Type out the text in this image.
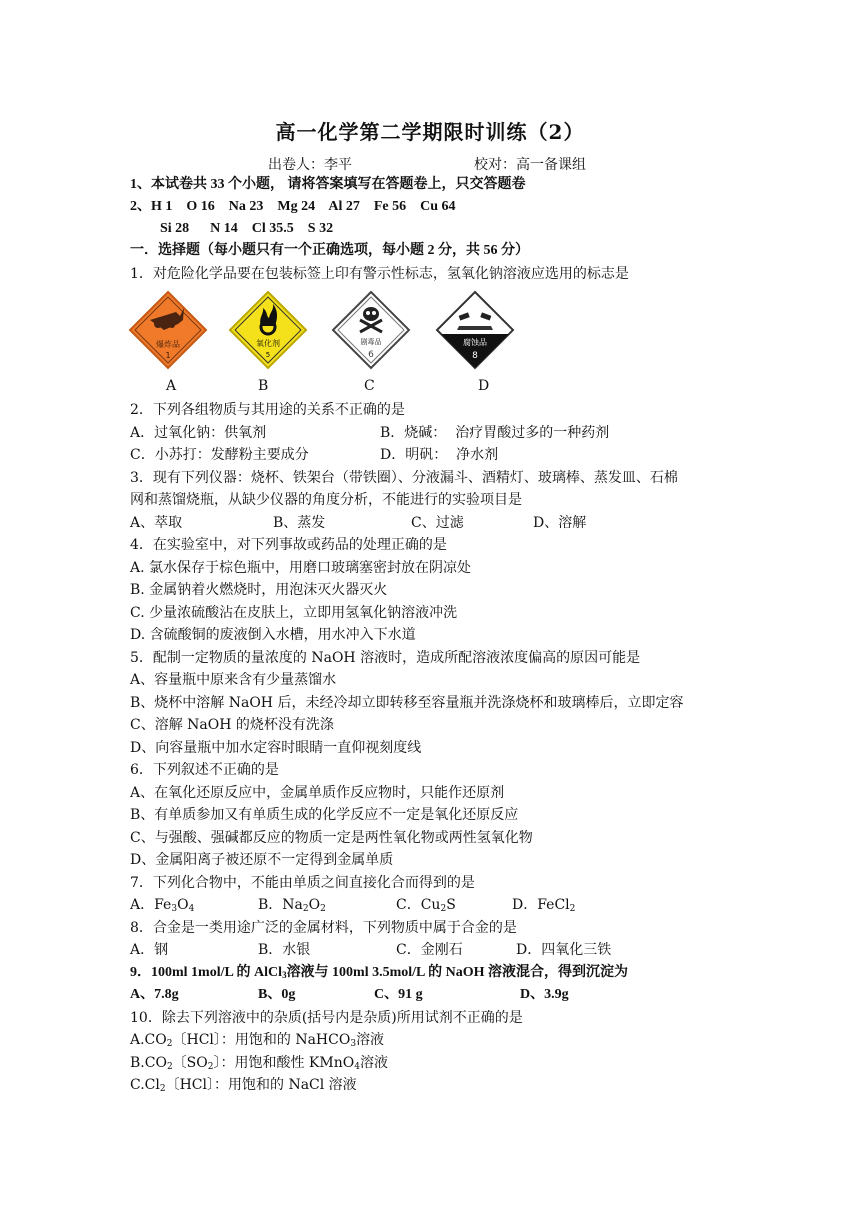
高一化学第二学期限时训练（2）
出卷人：李平	校对：高一备课组
1、本试卷共 33 个小题， 请将答案填写在答题卷上，只交答题卷
2、H 1    O 16    Na 23    Mg 24    Al 27    Fe 56    Cu 64
Si 28      N 14    Cl 35.5    S 32
一．选择题（每小题只有一个正确选项，每小题 2 分，共 56 分）
1．对危险化学品要在包装标签上印有警示性标志，氢氧化钠溶液应选用的标志是
爆炸品
1
氧化剂
5
剧毒品
6
腐蚀品
8
A	B	C	D
2．下列各组物质与其用途的关系不正确的是
A．过氧化钠：供氧剂	B．烧碱：  治疗胃酸过多的一种药剂
C．小苏打：发酵粉主要成分	D．明矾：  净水剂
3．现有下列仪器：烧杯、铁架台（带铁圈）、分液漏斗、酒精灯、玻璃棒、蒸发皿、石棉
网和蒸馏烧瓶，从缺少仪器的角度分析，不能进行的实验项目是
A、萃取	B、蒸发	C、过滤	D、溶解
4．在实验室中，对下列事故或药品的处理正确的是
A. 氯水保存于棕色瓶中，用磨口玻璃塞密封放在阴凉处
B. 金属钠着火燃烧时，用泡沫灭火器灭火
C. 少量浓硫酸沾在皮肤上，立即用氢氧化钠溶液冲洗
D. 含硫酸铜的废液倒入水槽，用水冲入下水道
5．配制一定物质的量浓度的 NaOH 溶液时，造成所配溶液浓度偏高的原因可能是
A、容量瓶中原来含有少量蒸馏水
B、烧杯中溶解 NaOH 后，未经冷却立即转移至容量瓶并洗涤烧杯和玻璃棒后，立即定容
C、溶解 NaOH 的烧杯没有洗涤
D、向容量瓶中加水定容时眼睛一直仰视刻度线
6．下列叙述不正确的是
A、在氧化还原反应中，金属单质作反应物时，只能作还原剂
B、有单质参加又有单质生成的化学反应不一定是氧化还原反应
C、与强酸、强碱都反应的物质一定是两性氧化物或两性氢氧化物
D、金属阳离子被还原不一定得到金属单质
7．下列化合物中，不能由单质之间直接化合而得到的是
A．$Fe_3O_4$	B．$Na_2O_2$	C．$Cu_2S$	D．FeCl$_2$
8．合金是一类用途广泛的金属材料，下列物质中属于合金的是
A．钢	B．水银	C．金刚石	D．四氧化三铁
9．100ml 1mol/L 的 AlCl$_3$溶液与 100ml 3.5mol/L 的 NaOH 溶液混合，得到沉淀为
A、7.8g	B、0g	C、91 g	D、3.9g
10．除去下列溶液中的杂质(括号内是杂质)所用试剂不正确的是
$A.CO_2$〔HCl〕：用饱和的 NaHCO$_3$溶液
$B.CO_2$〔$SO_2$〕：用饱和酸性 KMnO$_4$溶液
$C.Cl_2$〔HCl〕：用饱和的 NaCl 溶液
